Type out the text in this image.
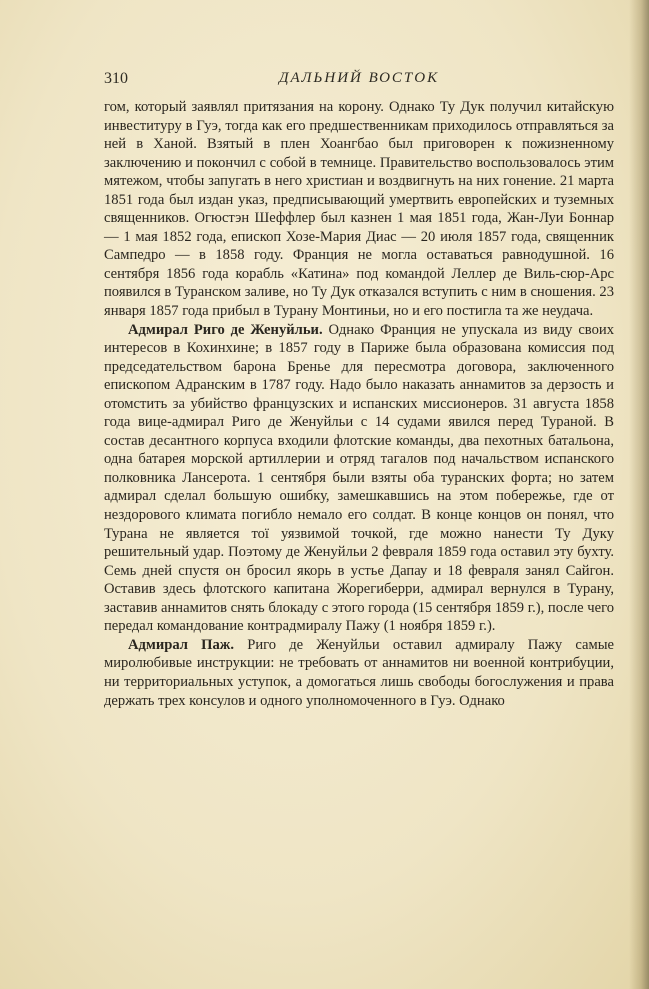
310	ДАЛЬНИЙ ВОСТОК

гом, который заявлял притязания на корону. Однако Ту Дук получил китайскую инвеституру в Гуэ, тогда как его предшественникам приходилось отправляться за ней в Ханой. Взятый в плен Хоангбао был приговорен к пожизненному заключению и покончил с собой в темнице. Правительство воспользовалось этим мятежом, чтобы запугать в него христиан и воздвигнуть на них гонение. 21 марта 1851 года был издан указ, предписывающий умертвить европейских и туземных священников. Огюстэн Шеффлер был казнен 1 мая 1851 года, Жан-Луи Боннар — 1 мая 1852 года, епископ Хозе-Мария Диас — 20 июля 1857 года, священник Сампедро — в 1858 году. Франция не могла оставаться равнодушной. 16 сентября 1856 года корабль «Катина» под командой Леллер де Виль-сюр-Арс появился в Туранском заливе, но Ту Дук отказался вступить с ним в сношения. 23 января 1857 года прибыл в Турану Монтиньи, но и его постигла та же неудача.

Адмирал Риго де Женуйльи. Однако Франция не упускала из виду своих интересов в Кохинхине; в 1857 году в Париже была образована комиссия под председательством барона Бренье для пересмотра договора, заключенного епископом Адранским в 1787 году. Надо было наказать аннамитов за дерзость и отомстить за убийство французских и испанских миссионеров. 31 августа 1858 года вице-адмирал Риго де Женуйльи с 14 судами явился перед Тураной. В состав десантного корпуса входили флотские команды, два пехотных батальона, одна батарея морской артиллерии и отряд тагалов под начальством испанского полковника Лансерота. 1 сентября были взяты оба туранских форта; но затем адмирал сделал большую ошибку, замешкавшись на этом побережье, где от нездорового климата погибло немало его солдат. В конце концов он понял, что Турана не является тої уязвимой точкой, где можно нанести Ту Дуку решительный удар. Поэтому де Женуйльи 2 февраля 1859 года оставил эту бухту. Семь дней спустя он бросил якорь в устье Дапау и 18 февраля занял Сайгон. Оставив здесь флотского капитана Жорегиберри, адмирал вернулся в Турану, заставив аннамитов снять блокаду с этого города (15 сентября 1859 г.), после чего передал командование контрадмиралу Пажу (1 ноября 1859 г.).

Адмирал Паж. Риго де Женуйльи оставил адмиралу Пажу самые миролюбивые инструкции: не требовать от аннамитов ни военной контрибуции, ни территориальных уступок, а домогаться лишь свободы богослужения и права держать трех консулов и одного уполномоченного в Гуэ. Однако
